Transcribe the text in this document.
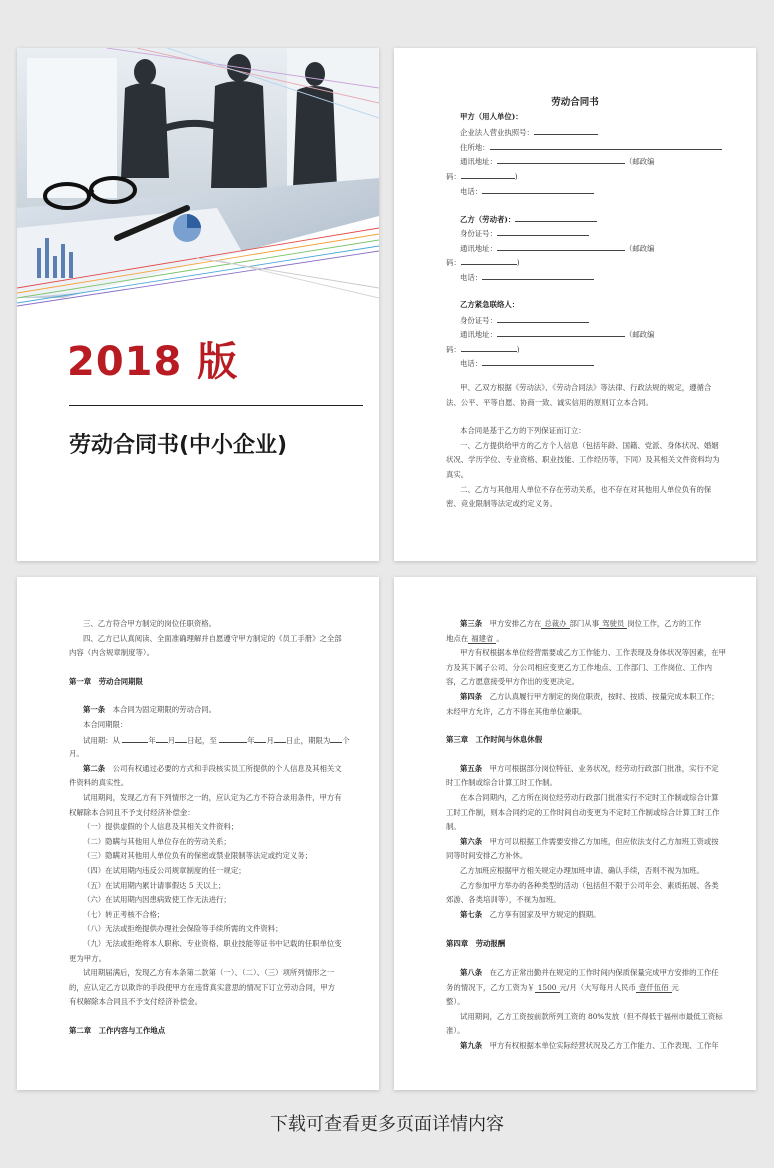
2018 版
劳动合同书(中小企业)
劳动合同书
甲方（用人单位)：
企业法人营业执照号：
住所地：
通讯地址：	（邮政编
码：	)
电话：
乙方（劳动者)：
身份证号：
通讯地址：	（邮政编
码：	)
电话：
乙方紧急联络人：
身份证号：
通讯地址：	（邮政编
码：	)
电话：
甲、乙双方根据《劳动法》、《劳动合同法》等法律、行政法规的规定，遵循合
法、公平、平等自愿、协商一致、诚实信用的原则订立本合同。
本合同是基于乙方的下列保证而订立：
一、乙方提供给甲方的乙方个人信息（包括年龄、国籍、党派、身体状况、婚姻
状况、学历学位、专业资格、职业技能、工作经历等，下同）及其相关文件资料均为
真实。
二、乙方与其他用人单位不存在劳动关系，也不存在对其他用人单位负有的保
密、竞业限制等法定或约定义务。
三、乙方符合甲方制定的岗位任职资格。
四、乙方已认真阅读、全面准确理解并自愿遵守甲方制定的《员工手册》之全部
内容（内含规章制度等）。
第一章　劳动合同期限
第一条  本合同为固定期限的劳动合同。
本合同期限：
试用期：从	年 月 日起，至	年 月 日止，期限为 个
月。
第二条  公司有权通过必要的方式和手段核实员工所提供的个人信息及其相关文
件资料的真实性。
试用期间，发现乙方有下列情形之一的，应认定为乙方不符合录用条件，甲方有
权解除本合同且不予支付经济补偿金：
（一）提供虚假的个人信息及其相关文件资料；
（二）隐瞒与其他用人单位存在的劳动关系；
（三）隐瞒对其他用人单位负有的保密或禁业限制等法定或约定义务；
（四）在试用期内违反公司规章制度的任一规定；
（五）在试用期内累计请事假达 5 天以上；
（六）在试用期内因患病致使工作无法进行；
（七）转正考核不合格；
（八）无法或拒绝提供办理社会保险等手续所需的文件资料；
（九）无法或拒绝将本人职称、专业资格、职业技能等证书中记载的任职单位变
更为甲方。
试用期届满后，发现乙方有本条第二款第（一）、（二）、（三）项所列情形之一
的，应认定乙方以欺诈的手段使甲方在违背真实意思的情况下订立劳动合同，甲方
有权解除本合同且不予支付经济补偿金。
第二章　工作内容与工作地点
第三条  甲方安排乙方在 总裁办 部门从事 驾驶员 岗位工作，乙方的工作
地点在 福建省 。
甲方有权根据本单位经营需要或乙方工作能力、工作表现及身体状况等因素，在甲
方及其下属子公司、分公司相应变更乙方工作地点、工作部门、工作岗位、工作内
容，乙方愿意接受甲方作出的变更决定。
第四条  乙方认真履行甲方制定的岗位职责，按时、按质、按量完成本职工作；
未经甲方允许，乙方不得在其他单位兼职。
第三章　工作时间与休息休假
第五条  甲方可根据部分岗位特征、业务状况，经劳动行政部门批准，实行不定
时工作制或综合计算工时工作制。
在本合同期内，乙方所在岗位经劳动行政部门批准实行不定时工作制或综合计算
工时工作制，则本合同约定的工作时间自动变更为不定时工作制或综合计算工时工作
制。
第六条  甲方可以根据工作需要安排乙方加班，但应依法支付乙方加班工资或按
同等时间安排乙方补休。
乙方加班应根据甲方相关规定办理加班申请、确认手续，否则不视为加班。
乙方参加甲方举办的各种类型的活动（包括但不限于公司年会、素质拓展、各类
郊游、各类培训等），不视为加班。
第七条  乙方享有国家及甲方规定的假期。
第四章　劳动报酬
第八条  在乙方正常出勤并在规定的工作时间内保质保量完成甲方安排的工作任
务的情况下，乙方工资为￥ 1500 元/月（大写每月人民币 壹仟伍佰 元
整）。
试用期间，乙方工资按前款所列工资的 80%发放（但不得低于福州市最低工资标
准）。
第九条  甲方有权根据本单位实际经营状况及乙方工作能力、工作表现、工作年
下载可查看更多页面详情内容
